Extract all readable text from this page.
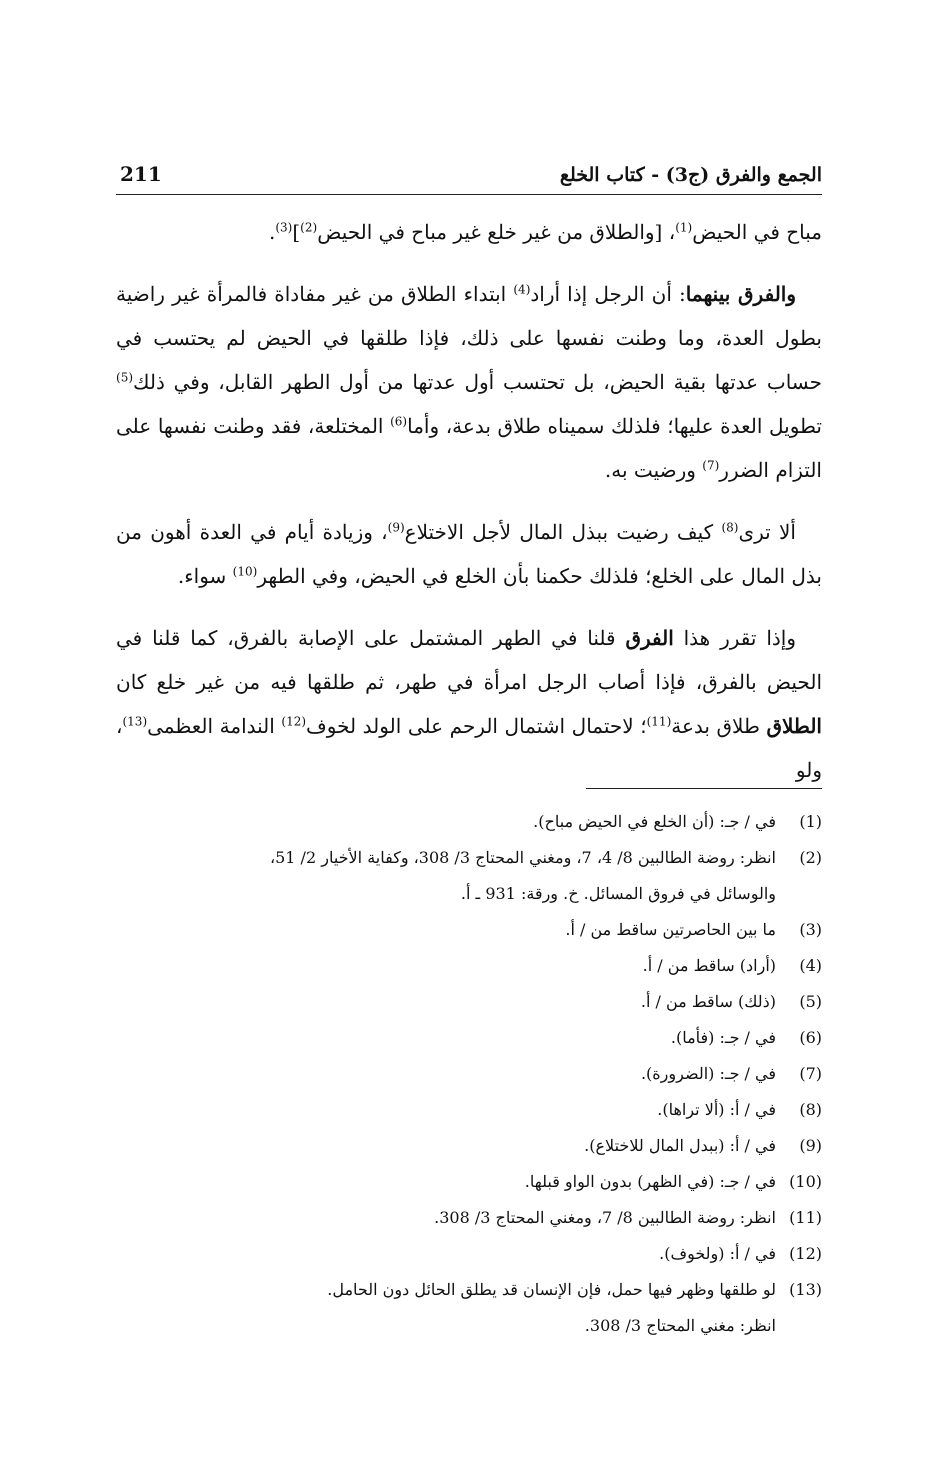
211	الجمع والفرق (ج3) - كتاب الخلع

مباح في الحيض$^{(1)}$، [والطلاق من غير خلع غير مباح في الحيض$^{(2)}$]$^{(3)}$.

والفرق بينهما: أن الرجل إذا أراد$^{(4)}$ ابتداء الطلاق من غير مفاداة فالمرأة غير راضية بطول العدة، وما وطنت نفسها على ذلك، فإذا طلقها في الحيض لم يحتسب في حساب عدتها بقية الحيض، بل تحتسب أول عدتها من أول الطهر القابل، وفي ذلك$^{(5)}$ تطويل العدة عليها؛ فلذلك سميناه طلاق بدعة، وأما$^{(6)}$ المختلعة، فقد وطنت نفسها على التزام الضرر$^{(7)}$ ورضيت به.

ألا ترى$^{(8)}$ كيف رضيت ببذل المال لأجل الاختلاع$^{(9)}$، وزيادة أيام في العدة أهون من بذل المال على الخلع؛ فلذلك حكمنا بأن الخلع في الحيض، وفي الطهر$^{(10)}$ سواء.

وإذا تقرر هذا الفرق قلنا في الطهر المشتمل على الإصابة بالفرق، كما قلنا في الحيض بالفرق، فإذا أصاب الرجل امرأة في طهر، ثم طلقها فيه من غير خلع كان الطلاق طلاق بدعة$^{(11)}$؛ لاحتمال اشتمال الرحم على الولد لخوف$^{(12)}$ الندامة العظمى$^{(13)}$، ولو

(1)
في / جـ: (أن الخلع في الحيض مباح).
(2)
انظر: روضة الطالبين 8/ 4، 7، ومغني المحتاج 3/ 308، وكفاية الأخيار 2/ 51،
والوسائل في فروق المسائل. خ. ورقة: 931 ـ أ.
(3)
ما بين الحاصرتين ساقط من / أ.
(4)
(أراد) ساقط من / أ.
(5)
(ذلك) ساقط من / أ.
(6)
في / جـ: (فأما).
(7)
في / جـ: (الضرورة).
(8)
في / أ: (ألا تراها).
(9)
في / أ: (ببدل المال للاختلاع).
(10)
في / جـ: (في الظهر) بدون الواو قبلها.
(11)
انظر: روضة الطالبين 8/ 7، ومغني المحتاج 3/ 308.
(12)
في / أ: (ولخوف).
(13)
لو طلقها وظهر فيها حمل، فإن الإنسان قد يطلق الحائل دون الحامل.
انظر: مغني المحتاج 3/ 308.
